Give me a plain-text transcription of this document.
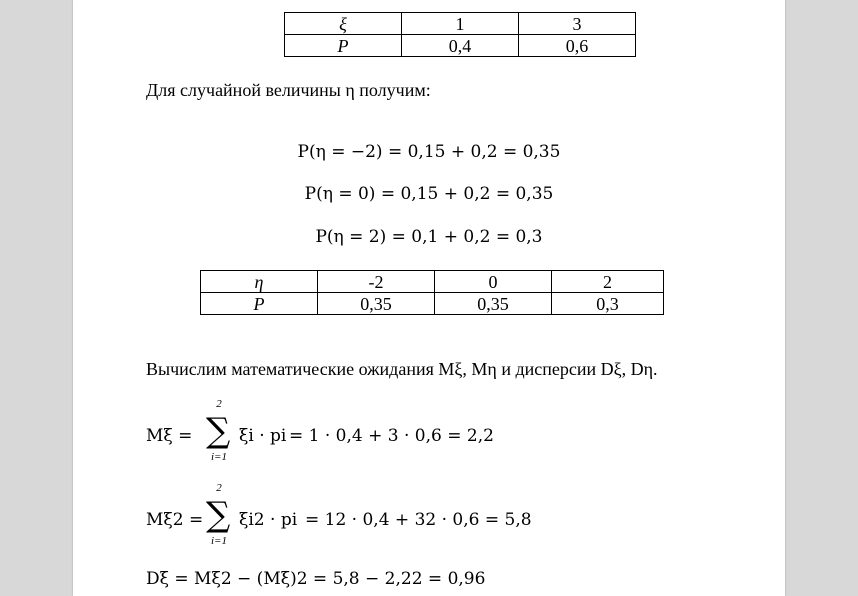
ξ	1	3
P	0,4	0,6
Для случайной величины η получим:
P(η = −2) = 0,15 + 0,2 = 0,35
P(η = 0) = 0,15 + 0,2 = 0,35
P(η = 2) = 0,1 + 0,2 = 0,3
η	-2	0	2
P	0,35	0,35	0,3
Вычислим математические ожидания Mξ, Mη и дисперсии Dξ, Dη.
Mξ =
2
∑
i=1
ξi · pi = 1 · 0,4 + 3 · 0,6 = 2,2
Mξ2 =
2
∑
i=1
ξi2 · pi = 12 · 0,4 + 32 · 0,6 = 5,8
Dξ = Mξ2 − (Mξ)2 = 5,8 − 2,22 = 0,96
